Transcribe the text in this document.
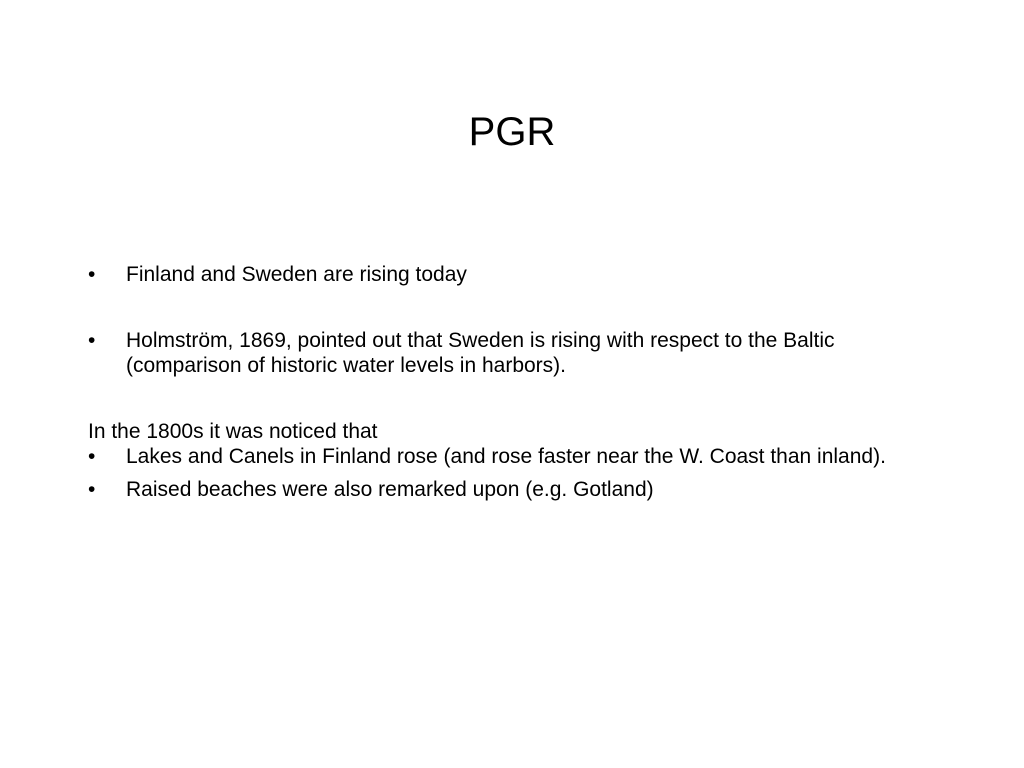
PGR
•	Finland and Sweden are rising today
•	Holmström, 1869, pointed out that Sweden is rising with respect to the Baltic (comparison of historic water levels in harbors).
In the 1800s it was noticed that
•	Lakes and Canels in Finland rose (and rose faster near the W. Coast than inland).
•	Raised beaches were also remarked upon (e.g. Gotland)
